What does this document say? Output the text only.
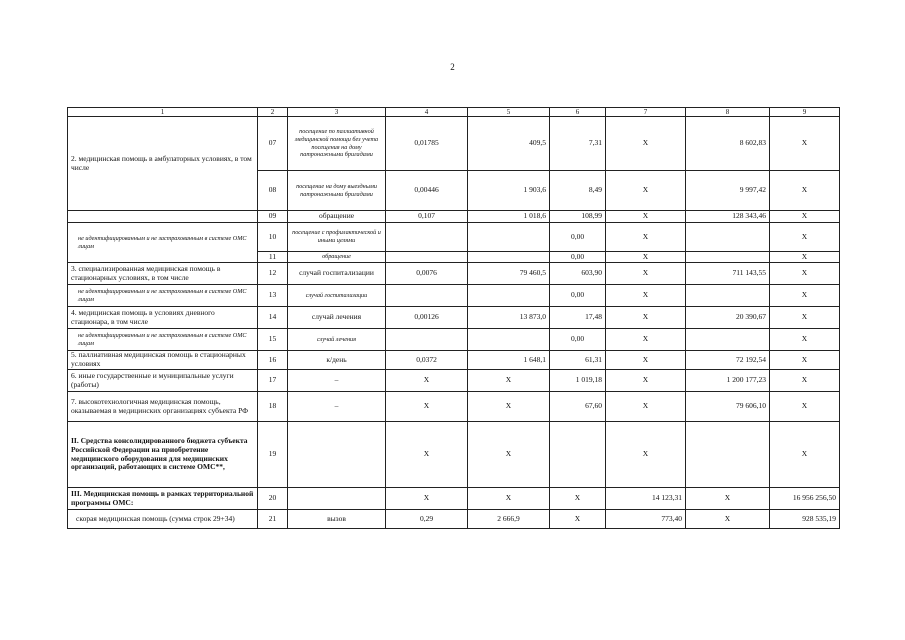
2
1	2	3	4	5	6	7	8	9	
2. медицинская помощь в амбулаторных условиях, в том числе	07	посещение по паллиативной медицинской помощи без учета посещения на дому патронажными бригадами	0,01785	409,5	7,31	X	8 602,83	X	
	08	посещение на дому выездными патронажными бригадами	0,00446	1 903,6	8,49	X	9 997,42	X	
	09	обращение	0,107	1 018,6	108,99	X	128 343,46	X	
не идентифицированным и не застрахованным в системе ОМС лицам	10	посещение с профилактической и иными целями			0,00	X		X	
	11	обращение			0,00	X		X	
3. специализированная медицинская помощь в стационарных условиях, в том числе	12	случай госпитализации	0,0076	79 460,5	603,90	X	711 143,55	X	
не идентифицированным и не застрахованным в системе ОМС лицам	13	случай госпитализации			0,00	X		X	
4. медицинская помощь в условиях дневного стационара, в том числе	14	случай лечения	0,00126	13 873,0	17,48	X	20 390,67	X	
не идентифицированным и не застрахованным в системе ОМС лицам	15	случай лечения			0,00	X		X	
5. паллиативная медицинская помощь в стационарных условиях	16	к/день	0,0372	1 648,1	61,31	X	72 192,54	X	
6. иные государственные и муниципальные услуги (работы)	17	–	X	X	1 019,18	X	1 200 177,23	X	
7. высокотехнологичная медицинская помощь, оказываемая в медицинских организациях субъекта РФ	18	–	X	X	67,60	X	79 606,10	X	
II. Средства консолидированного бюджета субъекта Российской Федерации на приобретение медицинского оборудования для медицинских организаций, работающих в системе ОМС**,	19		X	X		X		X	
III. Медицинская помощь в рамках территориальной программы ОМС:	20		X	X	X	14 123,31	X	16 956 256,50	
скорая медицинская помощь (сумма строк 29+34)	21	вызов	0,29	2 666,9	X	773,40	X	928 535,19	
